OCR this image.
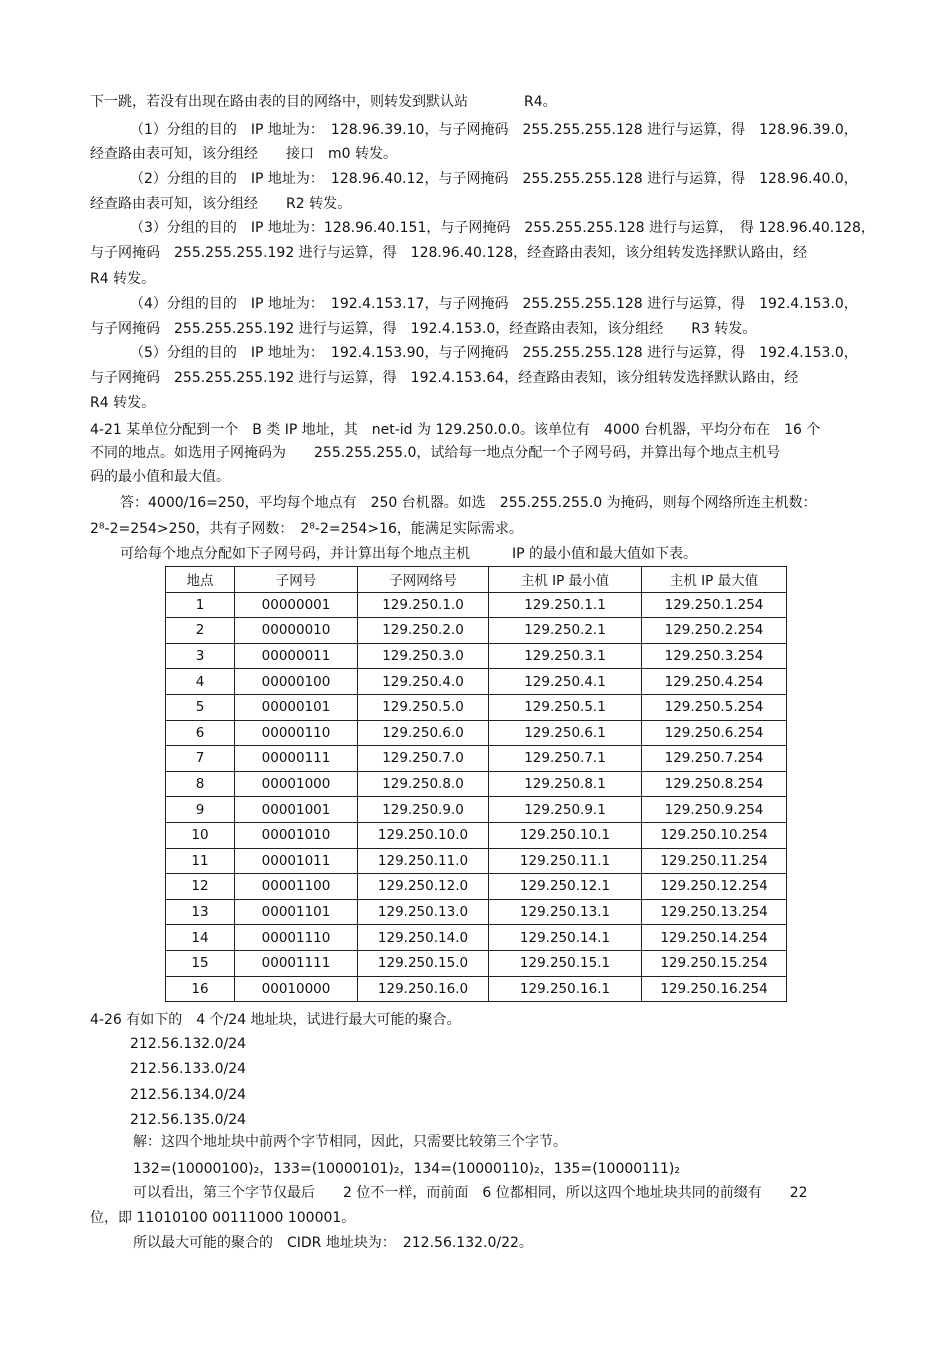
下一跳，若没有出现在路由表的目的网络中，则转发到默认站　　　　R4。
（1）分组的目的　IP 地址为：　128.96.39.10，与子网掩码　255.255.255.128 进行与运算，得　128.96.39.0，
经查路由表可知，该分组经　　接口　m0 转发。
（2）分组的目的　IP 地址为：　128.96.40.12，与子网掩码　255.255.255.128 进行与运算，得　128.96.40.0，
经查路由表可知，该分组经　　R2 转发。
（3）分组的目的　IP 地址为：128.96.40.151，与子网掩码　255.255.255.128 进行与运算，　得 128.96.40.128，
与子网掩码　255.255.255.192 进行与运算，得　128.96.40.128，经查路由表知，该分组转发选择默认路由，经
R4 转发。
（4）分组的目的　IP 地址为：　192.4.153.17，与子网掩码　255.255.255.128 进行与运算，得　192.4.153.0，
与子网掩码　255.255.255.192 进行与运算，得　192.4.153.0，经查路由表知，该分组经　　R3 转发。
（5）分组的目的　IP 地址为：　192.4.153.90，与子网掩码　255.255.255.128 进行与运算，得　192.4.153.0，
与子网掩码　255.255.255.192 进行与运算，得　192.4.153.64，经查路由表知，该分组转发选择默认路由，经
R4 转发。
4-21 某单位分配到一个　B 类 IP 地址，其　net-id 为 129.250.0.0。该单位有　4000 台机器，平均分布在　16 个
不同的地点。如选用子网掩码为　　255.255.255.0，试给每一地点分配一个子网号码，并算出每个地点主机号
码的最小值和最大值。
答：4000/16=250，平均每个地点有　250 台机器。如选　255.255.255.0 为掩码，则每个网络所连主机数：
2⁸-2=254>250，共有子网数：　2⁸-2=254>16，能满足实际需求。
可给每个地点分配如下子网号码，并计算出每个地点主机　　　IP 的最小值和最大值如下表。
地点	子网号	子网网络号	主机 IP 最小值	主机 IP 最大值
1	00000001	129.250.1.0	129.250.1.1	129.250.1.254
2	00000010	129.250.2.0	129.250.2.1	129.250.2.254
3	00000011	129.250.3.0	129.250.3.1	129.250.3.254
4	00000100	129.250.4.0	129.250.4.1	129.250.4.254
5	00000101	129.250.5.0	129.250.5.1	129.250.5.254
6	00000110	129.250.6.0	129.250.6.1	129.250.6.254
7	00000111	129.250.7.0	129.250.7.1	129.250.7.254
8	00001000	129.250.8.0	129.250.8.1	129.250.8.254
9	00001001	129.250.9.0	129.250.9.1	129.250.9.254
10	00001010	129.250.10.0	129.250.10.1	129.250.10.254
11	00001011	129.250.11.0	129.250.11.1	129.250.11.254
12	00001100	129.250.12.0	129.250.12.1	129.250.12.254
13	00001101	129.250.13.0	129.250.13.1	129.250.13.254
14	00001110	129.250.14.0	129.250.14.1	129.250.14.254
15	00001111	129.250.15.0	129.250.15.1	129.250.15.254
16	00010000	129.250.16.0	129.250.16.1	129.250.16.254
4-26 有如下的　4 个/24 地址块，试进行最大可能的聚合。
212.56.132.0/24
212.56.133.0/24
212.56.134.0/24
212.56.135.0/24
解：这四个地址块中前两个字节相同，因此，只需要比较第三个字节。
132=(10000100)₂，133=(10000101)₂，134=(10000110)₂，135=(10000111)₂
可以看出，第三个字节仅最后　　2 位不一样，而前面　6 位都相同，所以这四个地址块共同的前缀有　　22
位，即 11010100 00111000 100001。
所以最大可能的聚合的　CIDR 地址块为：　212.56.132.0/22。
